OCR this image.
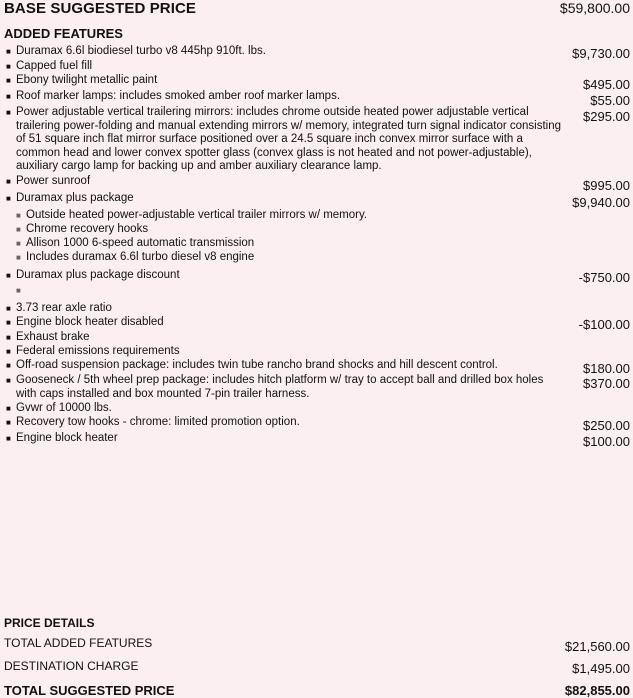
BASE SUGGESTED PRICE	$59,800.00
ADDED FEATURES
■ Duramax 6.6l biodiesel turbo v8 445hp 910ft. lbs.	$9,730.00
■ Capped fuel fill
■ Ebony twilight metallic paint	$495.00
■ Roof marker lamps: includes smoked amber roof marker lamps.	$55.00
■ Power adjustable vertical trailering mirrors: includes chrome outside heated power adjustable vertical trailering power-folding and manual extending mirrors w/ memory, integrated turn signal indicator consisting of 51 square inch flat mirror surface positioned over a 24.5 square inch convex mirror surface with a common head and lower convex spotter glass (convex glass is not heated and not power-adjustable), auxiliary cargo lamp for backing up and amber auxiliary clearance lamp.
$295.00
■ Power sunroof	$995.00
■ Duramax plus package	$9,940.00
■ Outside heated power-adjustable vertical trailer mirrors w/ memory.
■ Chrome recovery hooks
■ Allison 1000 6-speed automatic transmission
■ Includes duramax 6.6l turbo diesel v8 engine
■ Duramax plus package discount	-$750.00
■
■ 3.73 rear axle ratio
■ Engine block heater disabled	-$100.00
■ Exhaust brake
■ Federal emissions requirements
■ Off-road suspension package: includes twin tube rancho brand shocks and hill descent control.	$180.00
■ Gooseneck / 5th wheel prep package: includes hitch platform w/ tray to accept ball and drilled box holes with caps installed and box mounted 7-pin trailer harness.
$370.00
■ Gvwr of 10000 lbs.
■ Recovery tow hooks - chrome: limited promotion option.	$250.00
■ Engine block heater	$100.00
PRICE DETAILS
TOTAL ADDED FEATURES	$21,560.00
DESTINATION CHARGE	$1,495.00
TOTAL SUGGESTED PRICE	$82,855.00
